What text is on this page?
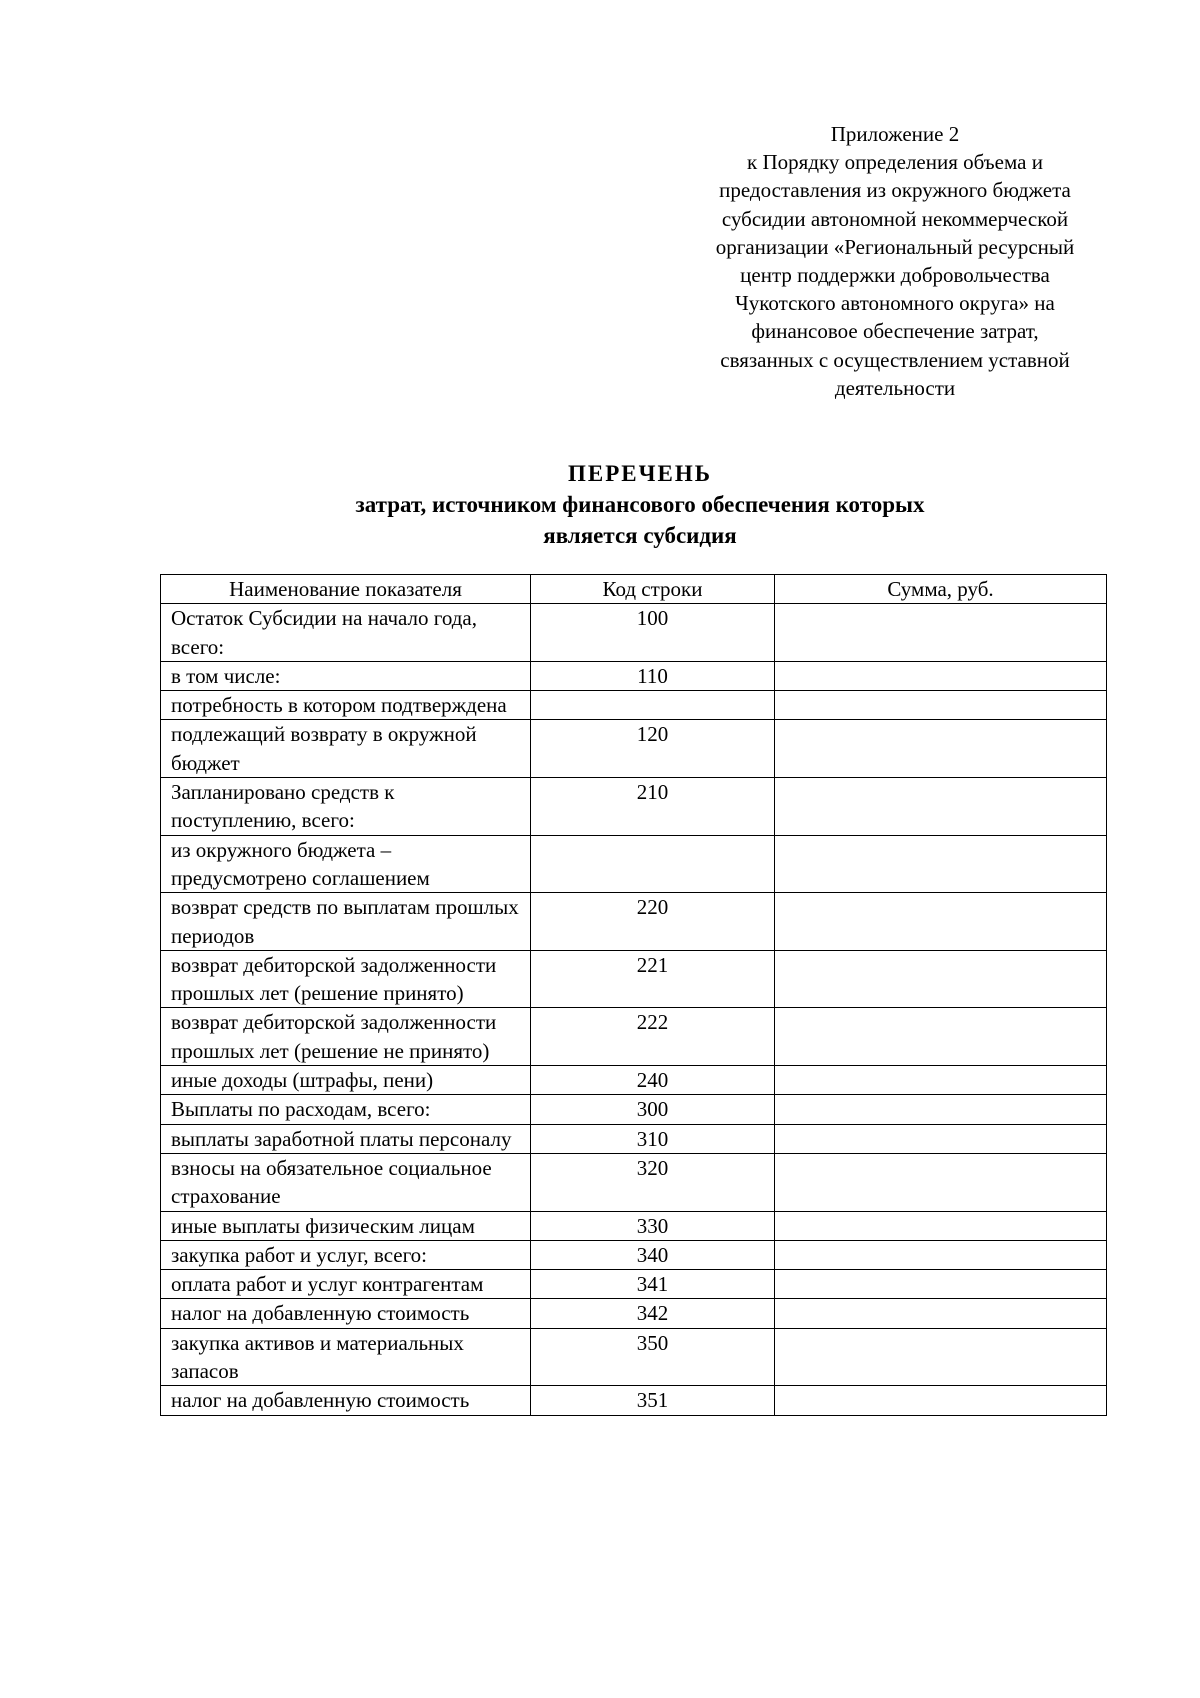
Приложение 2
к Порядку определения объема и
предоставления из окружного бюджета
субсидии автономной некоммерческой
организации «Региональный ресурсный
центр поддержки добровольчества
Чукотского автономного округа» на
финансовое обеспечение затрат,
связанных с осуществлением уставной
деятельности
ПЕРЕЧЕНЬ
затрат, источником финансового обеспечения которых
является субсидия
Наименование показателя	Код строки	Сумма, руб.
Остаток Субсидии на начало года, всего:	100	
в том числе:	110	
потребность в котором подтверждена		
подлежащий возврату в окружной бюджет	120	
Запланировано средств к поступлению, всего:	210	
из окружного бюджета – предусмотрено соглашением		
возврат средств по выплатам прошлых периодов	220	
возврат дебиторской задолженности прошлых лет (решение принято)	221	
возврат дебиторской задолженности прошлых лет (решение не принято)	222	
иные доходы (штрафы, пени)	240	
Выплаты по расходам, всего:	300	
выплаты заработной платы персоналу	310	
взносы на обязательное социальное страхование	320	
иные выплаты физическим лицам	330	
закупка работ и услуг, всего:	340	
оплата работ и услуг контрагентам	341	
налог на добавленную стоимость	342	
закупка активов и материальных запасов	350	
налог на добавленную стоимость	351	
